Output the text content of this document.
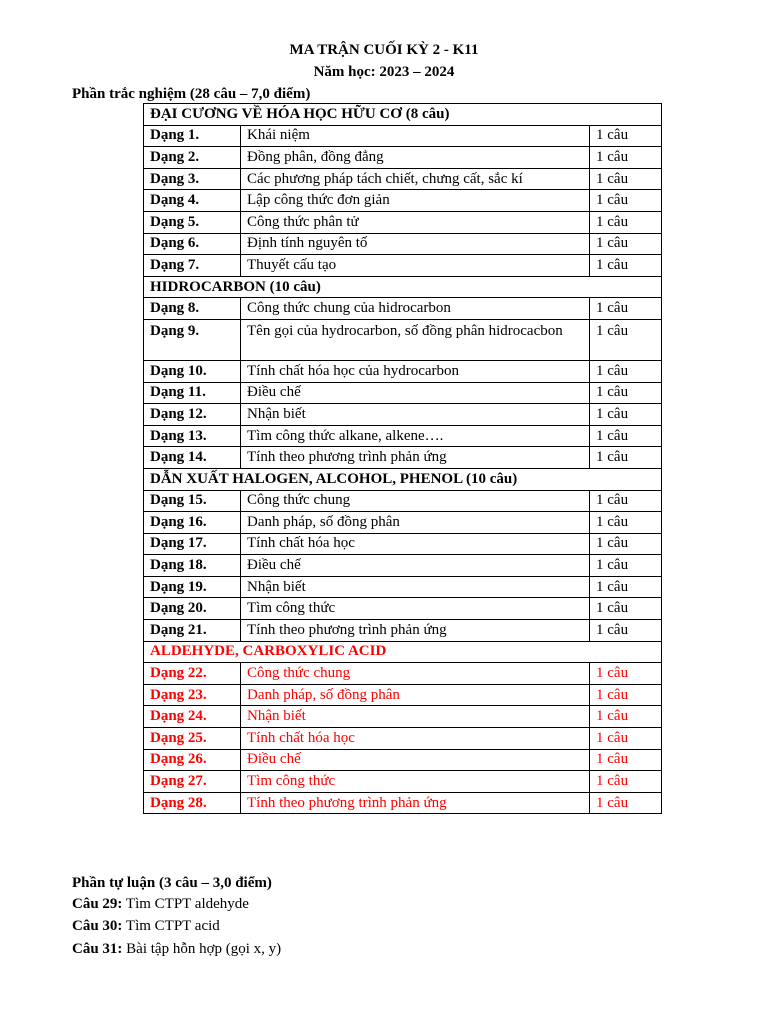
MA TRẬN CUỐI KỲ 2 - K11
Năm học: 2023 – 2024
Phần trắc nghiệm (28 câu – 7,0 điểm)
ĐẠI CƯƠNG VỀ HÓA HỌC HỮU CƠ (8 câu)		
Dạng 1.	Khái niệm	1 câu
Dạng 2.	Đồng phân, đồng đẳng	1 câu
Dạng 3.	Các phương pháp tách chiết, chưng cất, sắc kí	1 câu
Dạng 4.	Lập công thức đơn giản	1 câu
Dạng 5.	Công thức phân tử	1 câu
Dạng 6.	Định tính nguyên tố	1 câu
Dạng 7.	Thuyết cấu tạo	1 câu
HIDROCARBON (10 câu)		
Dạng 8.	Công thức chung của hidrocarbon	1 câu
Dạng 9.	Tên gọi của hydrocarbon, số đồng phân hidrocacbon	1 câu
Dạng 10.	Tính chất hóa học của hydrocarbon	1 câu
Dạng 11.	Điều chế	1 câu
Dạng 12.	Nhận biết	1 câu
Dạng 13.	Tìm công thức alkane, alkene….	1 câu
Dạng 14.	Tính theo phương trình phản ứng	1 câu
DẪN XUẤT HALOGEN, ALCOHOL, PHENOL (10 câu)		
Dạng 15.	Công thức chung	1 câu
Dạng 16.	Danh pháp, số đồng phân	1 câu
Dạng 17.	Tính chất hóa học	1 câu
Dạng 18.	Điều chế	1 câu
Dạng 19.	Nhận biết	1 câu
Dạng 20.	Tìm công thức	1 câu
Dạng 21.	Tính theo phương trình phản ứng	1 câu
ALDEHYDE, CARBOXYLIC ACID		
Dạng 22.	Công thức chung	1 câu
Dạng 23.	Danh pháp, số đồng phân	1 câu
Dạng 24.	Nhận biết	1 câu
Dạng 25.	Tính chất hóa học	1 câu
Dạng 26.	Điều chế	1 câu
Dạng 27.	Tìm công thức	1 câu
Dạng 28.	Tính theo phương trình phản ứng	1 câu
Phần tự luận (3 câu – 3,0 điểm)
Câu 29: Tìm CTPT aldehyde
Câu 30: Tìm CTPT acid
Câu 31: Bài tập hỗn hợp (gọi x, y)
